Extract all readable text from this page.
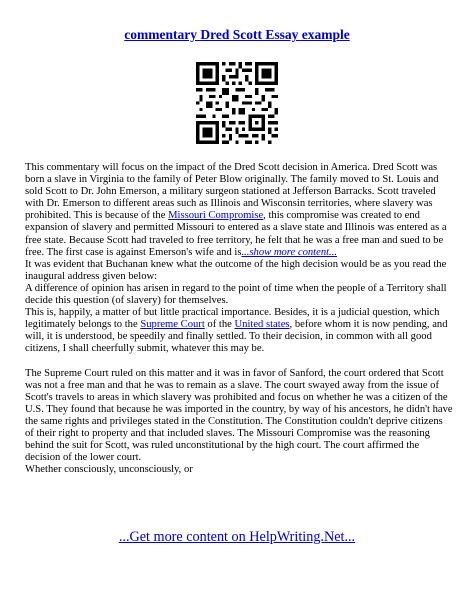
commentary Dred Scott Essay example

This commentary will focus on the impact of the Dred Scott decision in America. Dred Scott was born a slave in Virginia to the family of Peter Blow originally. The family moved to St. Louis and sold Scott to Dr. John Emerson, a military surgeon stationed at Jefferson Barracks. Scott traveled with Dr. Emerson to different areas such as Illinois and Wisconsin territories, where slavery was prohibited. This is because of the Missouri Compromise, this compromise was created to end expansion of slavery and permitted Missouri to entered as a slave state and Illinois was entered as a free state. Because Scott had traveled to free territory, he felt that he was a free man and sued to be free. The first case is against Emerson's wife and is...show more content...

It was evident that Buchanan knew what the outcome of the high decision would be as you read the inaugural address given below:

A difference of opinion has arisen in regard to the point of time when the people of a Territory shall decide this question (of slavery) for themselves.

This is, happily, a matter of but little practical importance. Besides, it is a judicial question, which legitimately belongs to the Supreme Court of the United states, before whom it is now pending, and will, it is understood, be speedily and finally settled. To their decision, in common with all good citizens, I shall cheerfully submit, whatever this may be.

The Supreme Court ruled on this matter and it was in favor of Sanford, the court ordered that Scott was not a free man and that he was to remain as a slave. The court swayed away from the issue of Scott's travels to areas in which slavery was prohibited and focus on whether he was a citizen of the U.S. They found that because he was imported in the country, by way of his ancestors, he didn't have the same rights and privileges stated in the Constitution. The Constitution couldn't deprive citizens of their right to property and that included slaves. The Missouri Compromise was the reasoning behind the suit for Scott, was ruled unconstitutional by the high court. The court affirmed the decision of the lower court.

Whether consciously, unconsciously, or

...Get more content on HelpWriting.Net...
